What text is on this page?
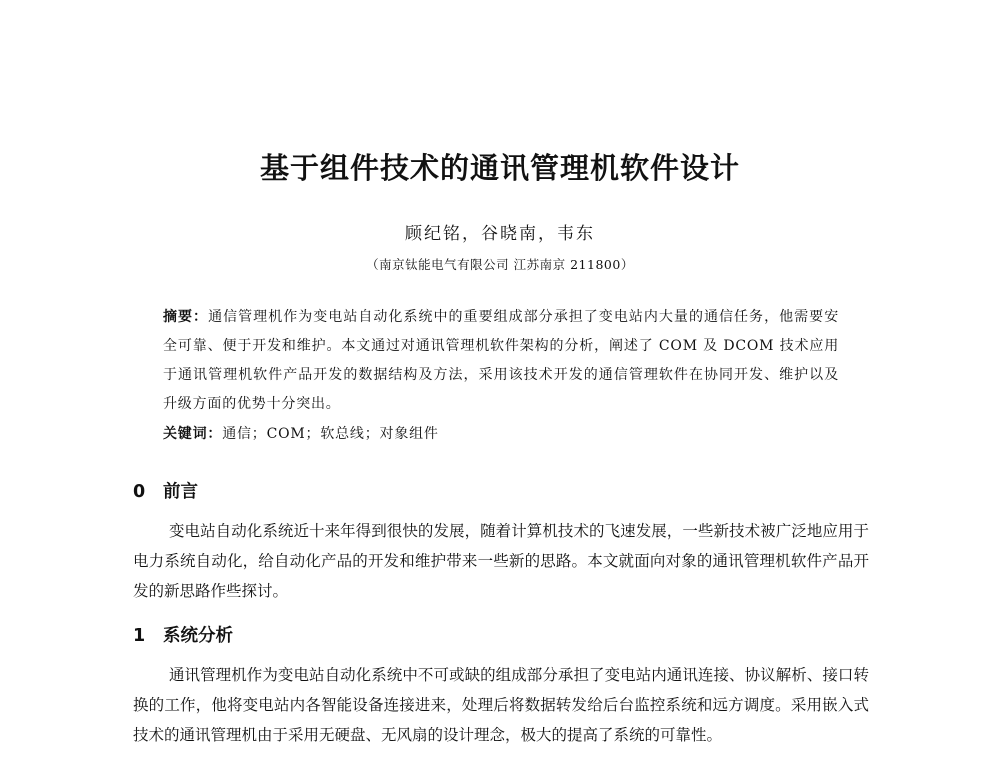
基于组件技术的通讯管理机软件设计
顾纪铭，谷晓南，韦东
（南京钛能电气有限公司 江苏南京 211800）

摘要：通信管理机作为变电站自动化系统中的重要组成部分承担了变电站内大量的通信任务，他需要安全可靠、便于开发和维护。本文通过对通讯管理机软件架构的分析，阐述了 COM 及 DCOM 技术应用于通讯管理机软件产品开发的数据结构及方法，采用该技术开发的通信管理软件在协同开发、维护以及升级方面的优势十分突出。

关键词：通信；COM；软总线；对象组件
0 前言

变电站自动化系统近十来年得到很快的发展，随着计算机技术的飞速发展，一些新技术被广泛地应用于电力系统自动化，给自动化产品的开发和维护带来一些新的思路。本文就面向对象的通讯管理机软件产品开发的新思路作些探讨。

1 系统分析

通讯管理机作为变电站自动化系统中不可或缺的组成部分承担了变电站内通讯连接、协议解析、接口转换的工作，他将变电站内各智能设备连接进来，处理后将数据转发给后台监控系统和远方调度。采用嵌入式技术的通讯管理机由于采用无硬盘、无风扇的设计理念，极大的提高了系统的可靠性。
